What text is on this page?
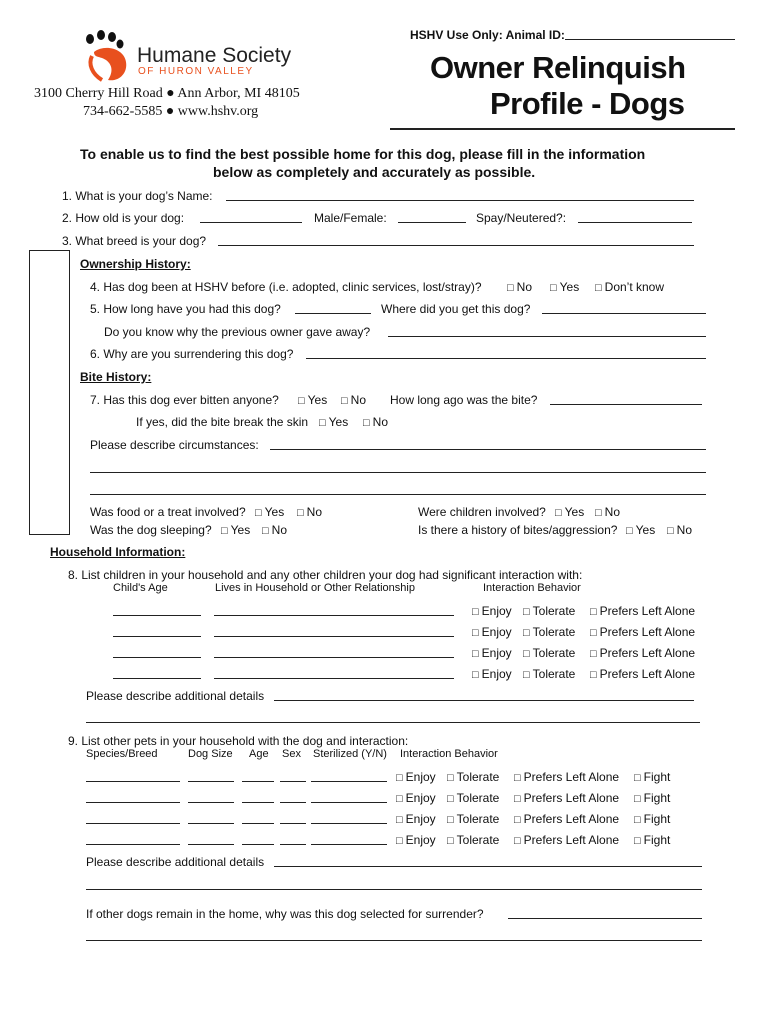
HSHV Use Only: Animal ID:
Humane Society
OF HURON VALLEY
3100 Cherry Hill Road ● Ann Arbor, MI 48105
734-662-5585 ● www.hshv.org
Owner Relinquish
Profile - Dogs
To enable us to find the best possible home for this dog, please fill in the information
below as completely and accurately as possible.
1. What is your dog’s Name:
2. How old is your dog:	Male/Female:	Spay/Neutered?:
3. What breed is your dog?
Ownership History:
4. Has dog been at HSHV before (i.e. adopted, clinic services, lost/stray)?	□ No	□ Yes	□ Don’t know
5. How long have you had this dog?	Where did you get this dog?
Do you know why the previous owner gave away?
6. Why are you surrendering this dog?
Bite History:
7. Has this dog ever bitten anyone?	□ Yes	□ No How long ago was the bite?
If yes, did the bite break the skin	□ Yes	□ No
Please describe circumstances:
Was food or a treat involved?	□ Yes	□ No	Were children involved?	□ Yes	□ No
Was the dog sleeping?	□ Yes	□ No	Is there a history of bites/aggression?	□ Yes	□ No
Household Information:
8. List children in your household and any other children your dog had significant interaction with:
Child's Age	Lives in Household or Other Relationship	Interaction Behavior
□ Enjoy	□ Tolerate	□ Prefers Left Alone
□ Enjoy	□ Tolerate	□ Prefers Left Alone
□ Enjoy	□ Tolerate	□ Prefers Left Alone
□ Enjoy	□ Tolerate	□ Prefers Left Alone
Please describe additional details
9. List other pets in your household with the dog and interaction:
Species/Breed	Dog Size Age Sex Sterilized (Y/N) Interaction Behavior
□ Enjoy	□ Tolerate	□ Prefers Left Alone	□ Fight
□ Enjoy	□ Tolerate	□ Prefers Left Alone	□ Fight
□ Enjoy	□ Tolerate	□ Prefers Left Alone	□ Fight
□ Enjoy	□ Tolerate	□ Prefers Left Alone	□ Fight
Please describe additional details
If other dogs remain in the home, why was this dog selected for surrender?
